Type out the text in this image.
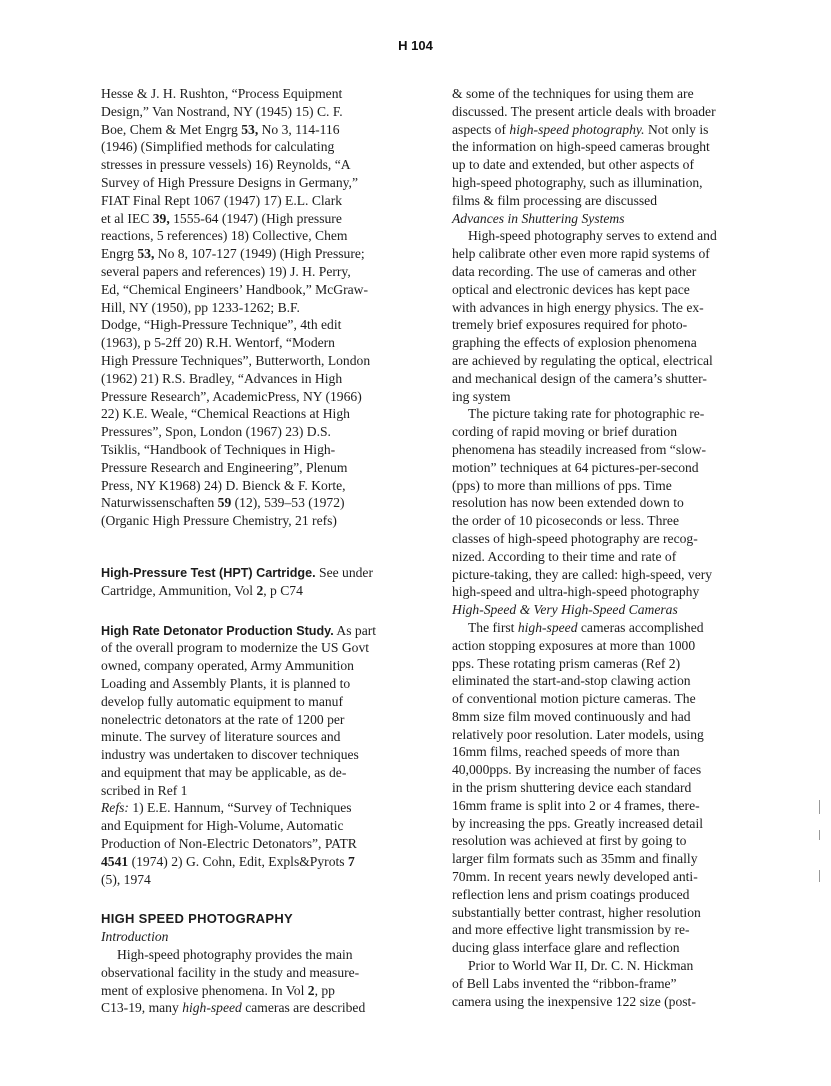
H 104
Hesse & J. H. Rushton, “Process Equipment
Design,” Van Nostrand, NY (1945) 15) C. F.
Boe, Chem & Met Engrg 53, No 3, 114-116
(1946) (Simplified methods for calculating
stresses in pressure vessels) 16) Reynolds, “A
Survey of High Pressure Designs in Germany,”
FIAT Final Rept 1067 (1947) 17) E.L. Clark
et al IEC 39, 1555-64 (1947) (High pressure
reactions, 5 references) 18) Collective, Chem
Engrg 53, No 8, 107-127 (1949) (High Pressure;
several papers and references) 19) J. H. Perry,
Ed, “Chemical Engineers’ Handbook,” McGraw-
Hill, NY (1950), pp 1233-1262; B.F.
Dodge, “High-Pressure Technique”, 4th edit
(1963), p 5-2ff 20) R.H. Wentorf, “Modern
High Pressure Techniques”, Butterworth, London
(1962) 21) R.S. Bradley, “Advances in High
Pressure Research”, AcademicPress, NY (1966)
22) K.E. Weale, “Chemical Reactions at High
Pressures”, Spon, London (1967) 23) D.S.
Tsiklis, “Handbook of Techniques in High-
Pressure Research and Engineering”, Plenum
Press, NY K1968) 24) D. Bienck & F. Korte,
Naturwissenschaften 59 (12), 539–53 (1972)
(Organic High Pressure Chemistry, 21 refs)
High-Pressure Test (HPT) Cartridge. See under
Cartridge, Ammunition, Vol 2, p C74
High Rate Detonator Production Study. As part
of the overall program to modernize the US Govt
owned, company operated, Army Ammunition
Loading and Assembly Plants, it is planned to
develop fully automatic equipment to manuf
nonelectric detonators at the rate of 1200 per
minute. The survey of literature sources and
industry was undertaken to discover techniques
and equipment that may be applicable, as de-
scribed in Ref 1
Refs: 1) E.E. Hannum, “Survey of Techniques
and Equipment for High-Volume, Automatic
Production of Non-Electric Detonators”, PATR
4541 (1974) 2) G. Cohn, Edit, Expls&Pyrots 7
(5), 1974
HIGH SPEED PHOTOGRAPHY
Introduction
High-speed photography provides the main
observational facility in the study and measure-
ment of explosive phenomena. In Vol 2, pp
C13-19, many high-speed cameras are described
& some of the techniques for using them are
discussed. The present article deals with broader
aspects of high-speed photography. Not only is
the information on high-speed cameras brought
up to date and extended, but other aspects of
high-speed photography, such as illumination,
films & film processing are discussed
Advances in Shuttering Systems
High-speed photography serves to extend and
help calibrate other even more rapid systems of
data recording. The use of cameras and other
optical and electronic devices has kept pace
with advances in high energy physics. The ex-
tremely brief exposures required for photo-
graphing the effects of explosion phenomena
are achieved by regulating the optical, electrical
and mechanical design of the camera’s shutter-
ing system
The picture taking rate for photographic re-
cording of rapid moving or brief duration
phenomena has steadily increased from “slow-
motion” techniques at 64 pictures-per-second
(pps) to more than millions of pps. Time
resolution has now been extended down to
the order of 10 picoseconds or less. Three
classes of high-speed photography are recog-
nized. According to their time and rate of
picture-taking, they are called: high-speed, very
high-speed and ultra-high-speed photography
High-Speed & Very High-Speed Cameras
The first high-speed cameras accomplished
action stopping exposures at more than 1000
pps. These rotating prism cameras (Ref 2)
eliminated the start-and-stop clawing action
of conventional motion picture cameras. The
8mm size film moved continuously and had
relatively poor resolution. Later models, using
16mm films, reached speeds of more than
40,000pps. By increasing the number of faces
in the prism shuttering device each standard
16mm frame is split into 2 or 4 frames, there-
by increasing the pps. Greatly increased detail
resolution was achieved at first by going to
larger film formats such as 35mm and finally
70mm. In recent years newly developed anti-
reflection lens and prism coatings produced
substantially better contrast, higher resolution
and more effective light transmission by re-
ducing glass interface glare and reflection
Prior to World War II, Dr. C. N. Hickman
of Bell Labs invented the “ribbon-frame”
camera using the inexpensive 122 size (post-
